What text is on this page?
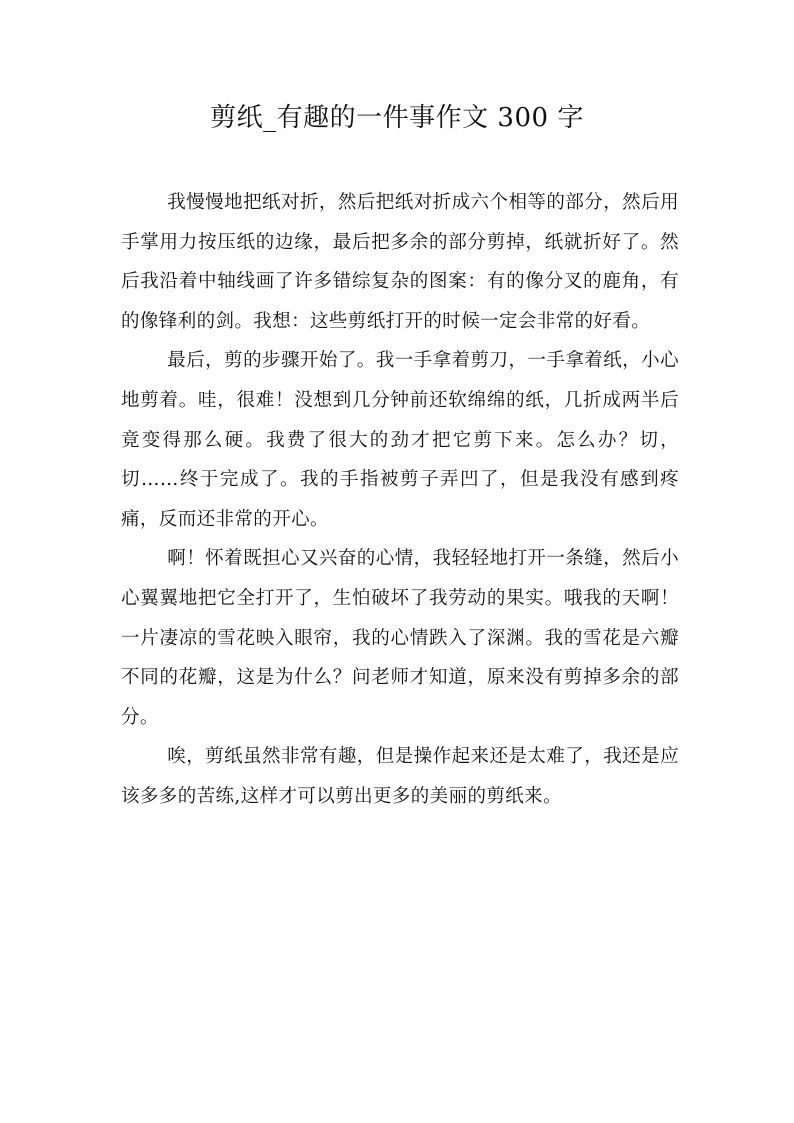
剪纸_有趣的一件事作文 300 字

我慢慢地把纸对折，然后把纸对折成六个相等的部分，然后用手掌用力按压纸的边缘，最后把多余的部分剪掉，纸就折好了。然后我沿着中轴线画了许多错综复杂的图案：有的像分叉的鹿角，有的像锋利的剑。我想：这些剪纸打开的时候一定会非常的好看。

最后，剪的步骤开始了。我一手拿着剪刀，一手拿着纸，小心地剪着。哇，很难！没想到几分钟前还软绵绵的纸，几折成两半后竟变得那么硬。我费了很大的劲才把它剪下来。怎么办？切，切……终于完成了。我的手指被剪子弄凹了，但是我没有感到疼痛，反而还非常的开心。

啊！怀着既担心又兴奋的心情，我轻轻地打开一条缝，然后小心翼翼地把它全打开了，生怕破坏了我劳动的果实。哦我的天啊！一片凄凉的雪花映入眼帘，我的心情跌入了深渊。我的雪花是六瓣不同的花瓣，这是为什么？问老师才知道，原来没有剪掉多余的部分。

唉，剪纸虽然非常有趣，但是操作起来还是太难了，我还是应该多多的苦练,这样才可以剪出更多的美丽的剪纸来。
